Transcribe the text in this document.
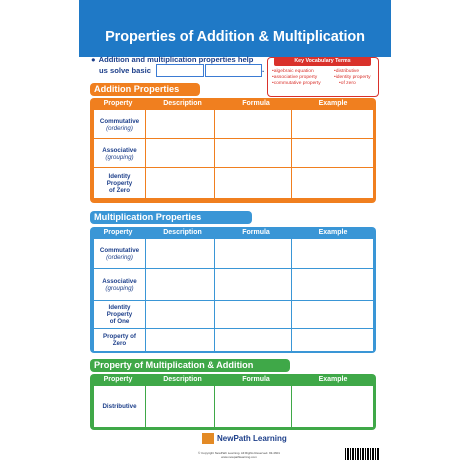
Properties of Addition & Multiplication
● Addition and multiplication properties help
us solve basic	.
Key Vocabulary Terms
• algebraic equation
• associative property
• commutative property
• distributive
• identity property
• of zero
Addition Properties
Property	Description	Formula	Example
Commutative
(ordering)
Associative
(grouping)
Identity Property of Zero
Multiplication Properties
Property	Description	Formula	Example
Commutative
(ordering)
Associative
(grouping)
Identity Property of One
Property of Zero
Property of Multiplication & Addition
Property	Description	Formula	Example
Distributive
NewPath Learning
© Copyright NewPath Learning. All Rights Reserved. 93-4601
www.newpathlearning.com
